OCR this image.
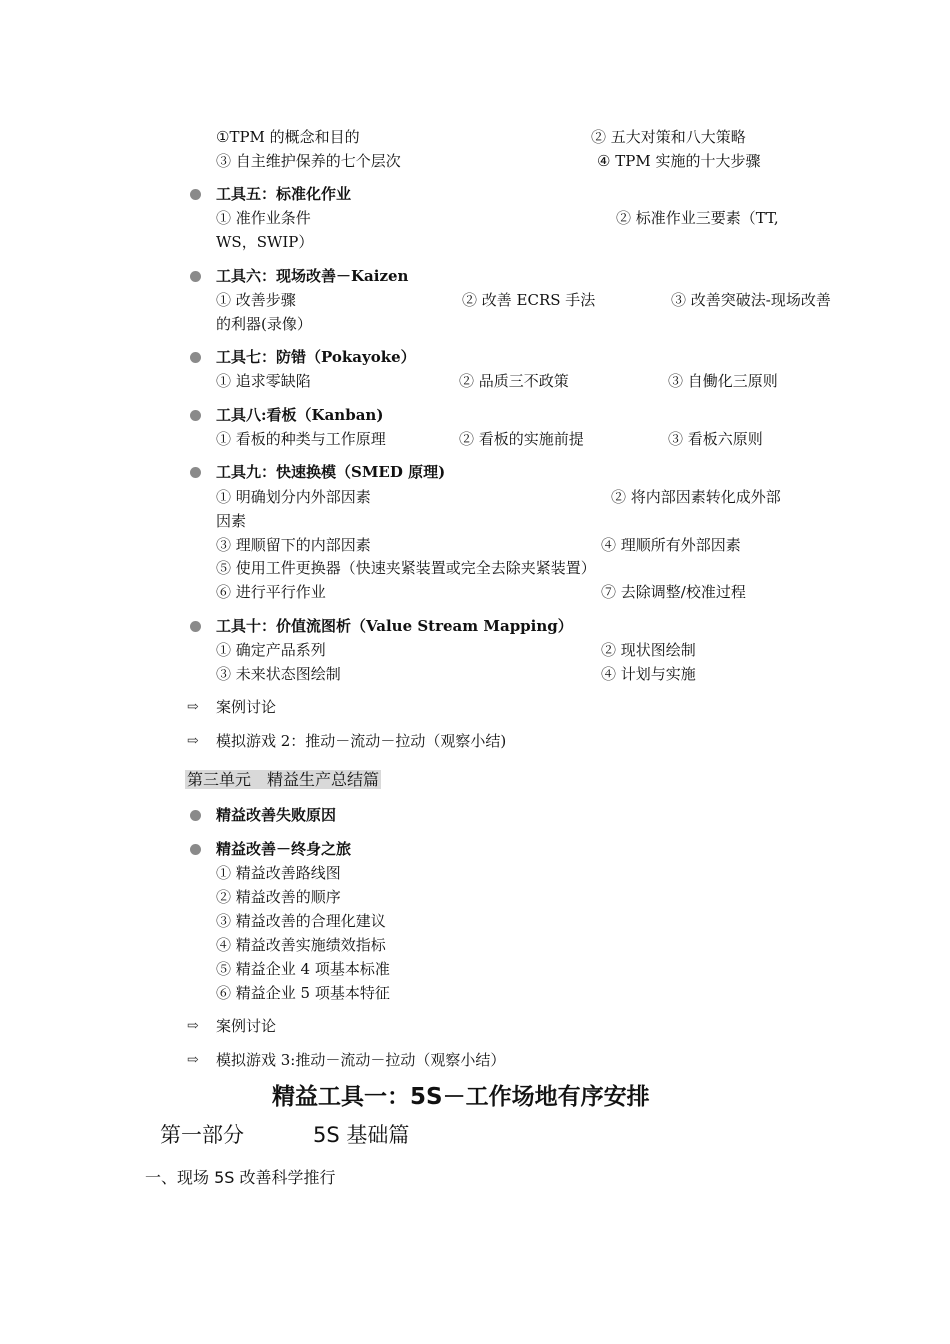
①TPM 的概念和目的	② 五大对策和八大策略
③ 自主维护保养的七个层次	④ TPM 实施的十大步骤
工具五：标准化作业
① 准作业条件	② 标准作业三要素（TT,
WS，SWIP）
工具六：现场改善－Kaizen
① 改善步骤	② 改善 ECRS 手法	③ 改善突破法-现场改善
的利器(录像）
工具七：防错（Pokayoke）
① 追求零缺陷	② 品质三不政策	③ 自働化三原则
工具八:看板（Kanban)
① 看板的种类与工作原理	② 看板的实施前提	③ 看板六原则
工具九：快速换模（SMED 原理)
① 明确划分内外部因素	② 将内部因素转化成外部
因素
③ 理顺留下的内部因素	④ 理顺所有外部因素
⑤ 使用工件更换器（快速夹紧装置或完全去除夹紧装置）
⑥ 进行平行作业	⑦ 去除调整/校准过程
工具十：价值流图析（Value Stream Mapping）
① 确定产品系列	② 现状图绘制
③ 未来状态图绘制	④ 计划与实施
⇨ 案例讨论
⇨ 模拟游戏 2：推动－流动－拉动（观察小结)
第三单元　精益生产总结篇
精益改善失败原因
精益改善－终身之旅
① 精益改善路线图
② 精益改善的顺序
③ 精益改善的合理化建议
④ 精益改善实施绩效指标
⑤ 精益企业 4 项基本标准
⑥ 精益企业 5 项基本特征
⇨ 案例讨论
⇨ 模拟游戏 3:推动－流动－拉动（观察小结）
精益工具一：5S－工作场地有序安排
第一部分	5S 基础篇
一、现场 5S 改善科学推行
